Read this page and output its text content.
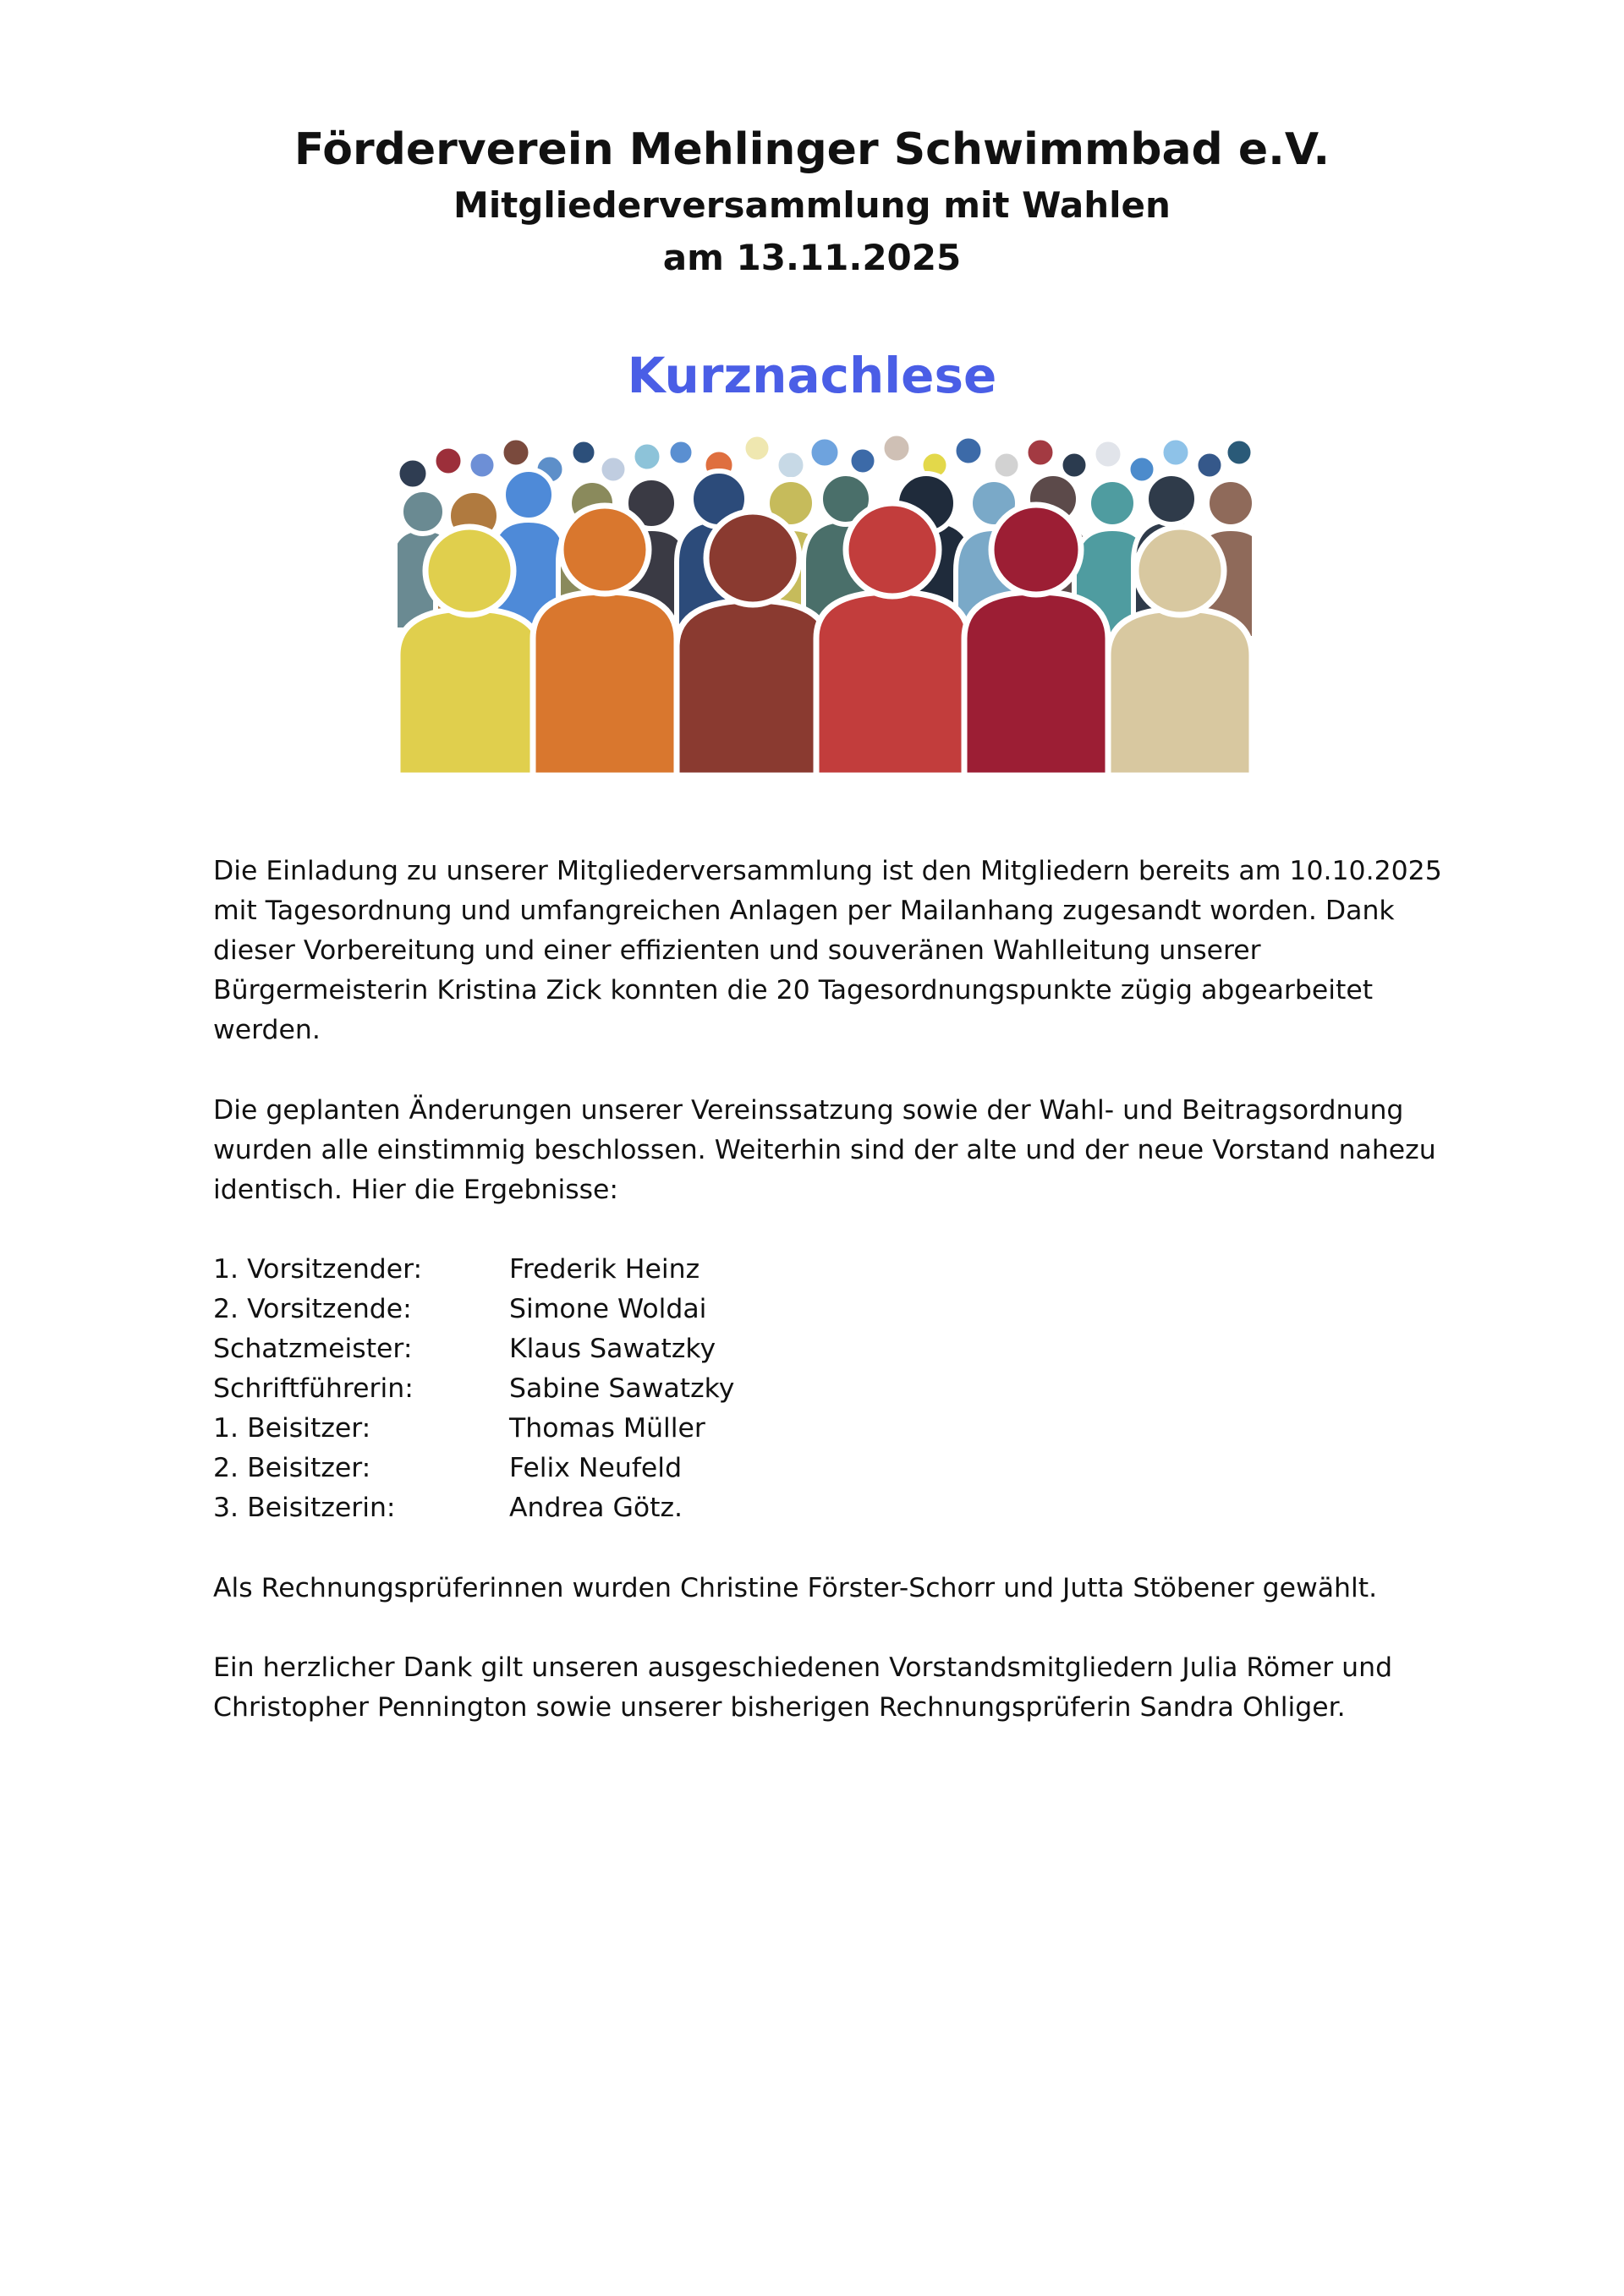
Förderverein Mehlinger Schwimmbad e.V.
Mitgliederversammlung mit Wahlen
am 13.11.2025
Kurznachlese

Die Einladung zu unserer Mitgliederversammlung ist den Mitgliedern bereits am 10.10.2025 mit Tagesordnung und umfangreichen Anlagen per Mailanhang zugesandt worden. Dank dieser Vorbereitung und einer effizienten und souveränen Wahlleitung unserer Bürgermeisterin Kristina Zick konnten die 20 Tagesordnungspunkte zügig abgearbeitet werden.

Die geplanten Änderungen unserer Vereinssatzung sowie der Wahl- und Beitragsordnung wurden alle einstimmig beschlossen. Weiterhin sind der alte und der neue Vorstand nahezu identisch. Hier die Ergebnisse:

1. Vorsitzender:	Frederik Heinz
2. Vorsitzende:	Simone Woldai
Schatzmeister:	Klaus Sawatzky
Schriftführerin:	Sabine Sawatzky
1. Beisitzer:	Thomas Müller
2. Beisitzer:	Felix Neufeld
3. Beisitzerin:	Andrea Götz.

Als Rechnungsprüferinnen wurden Christine Förster-Schorr und Jutta Stöbener gewählt.

Ein herzlicher Dank gilt unseren ausgeschiedenen Vorstandsmitgliedern Julia Römer und Christopher Pennington sowie unserer bisherigen Rechnungsprüferin Sandra Ohliger.
